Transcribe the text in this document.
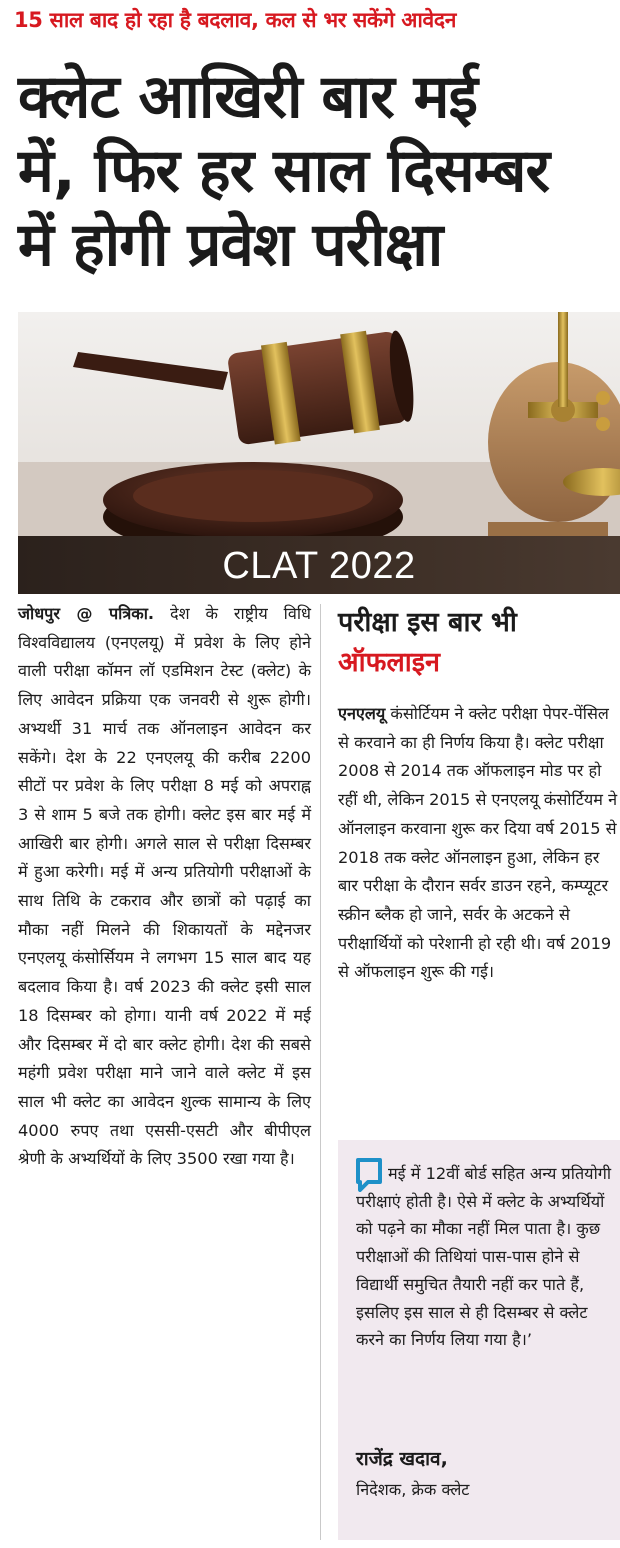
15 साल बाद हो रहा है बदलाव, कल से भर सकेंगे आवेदन
क्लेट आखिरी बार मई
में, फिर हर साल दिसम्बर
में होगी प्रवेश परीक्षा
CLAT 2022
जोधपुर @ पत्रिका. देश के राष्ट्रीय विधि विश्वविद्यालय (एनएलयू) में प्रवेश के लिए होने वाली परीक्षा कॉमन लॉ एडमिशन टेस्ट (क्लेट) के लिए आवेदन प्रक्रिया एक जनवरी से शुरू होगी। अभ्यर्थी 31 मार्च तक ऑनलाइन आवेदन कर सकेंगे। देश के 22 एनएलयू की करीब 2200 सीटों पर प्रवेश के लिए परीक्षा 8 मई को अपराह्न 3 से शाम 5 बजे तक होगी। क्लेट इस बार मई में आखिरी बार होगी। अगले साल से परीक्षा दिसम्बर में हुआ करेगी। मई में अन्य प्रतियोगी परीक्षाओं के साथ तिथि के टकराव और छात्रों को पढ़ाई का मौका नहीं मिलने की शिकायतों के मद्देनजर एनएलयू कंसोर्सियम ने लगभग 15 साल बाद यह बदलाव किया है। वर्ष 2023 की क्लेट इसी साल 18 दिसम्बर को होगा। यानी वर्ष 2022 में मई और दिसम्बर में दो बार क्लेट होगी। देश की सबसे महंगी प्रवेश परीक्षा माने जाने वाले क्लेट में इस साल भी क्लेट का आवेदन शुल्क सामान्य के लिए 4000 रुपए तथा एससी-एसटी और बीपीएल श्रेणी के अभ्यर्थियों के लिए 3500 रखा गया है।
परीक्षा इस बार भी
ऑफलाइन
एनएलयू कंसोर्टियम ने क्लेट परीक्षा पेपर-पेंसिल से करवाने का ही निर्णय किया है। क्लेट परीक्षा 2008 से 2014 तक ऑफलाइन मोड पर हो रहीं थी, लेकिन 2015 से एनएलयू कंसोर्टियम ने ऑनलाइन करवाना शुरू कर दिया वर्ष 2015 से 2018 तक क्लेट ऑनलाइन हुआ, लेकिन हर बार परीक्षा के दौरान सर्वर डाउन रहने, कम्प्यूटर स्क्रीन ब्लैक हो जाने, सर्वर के अटकने से परीक्षार्थियों को परेशानी हो रही थी। वर्ष 2019 से ऑफलाइन शुरू की गई।
मई में 12वीं बोर्ड सहित अन्य प्रतियोगी परीक्षाएं होती है। ऐसे में क्लेट के अभ्यर्थियों को पढ़ने का मौका नहीं मिल पाता है। कुछ परीक्षाओं की तिथियां पास-पास होने से विद्यार्थी समुचित तैयारी नहीं कर पाते हैं, इसलिए इस साल से ही दिसम्बर से क्लेट करने का निर्णय लिया गया है।’
राजेंद्र खदाव,
निदेशक, क्रेक क्लेट
